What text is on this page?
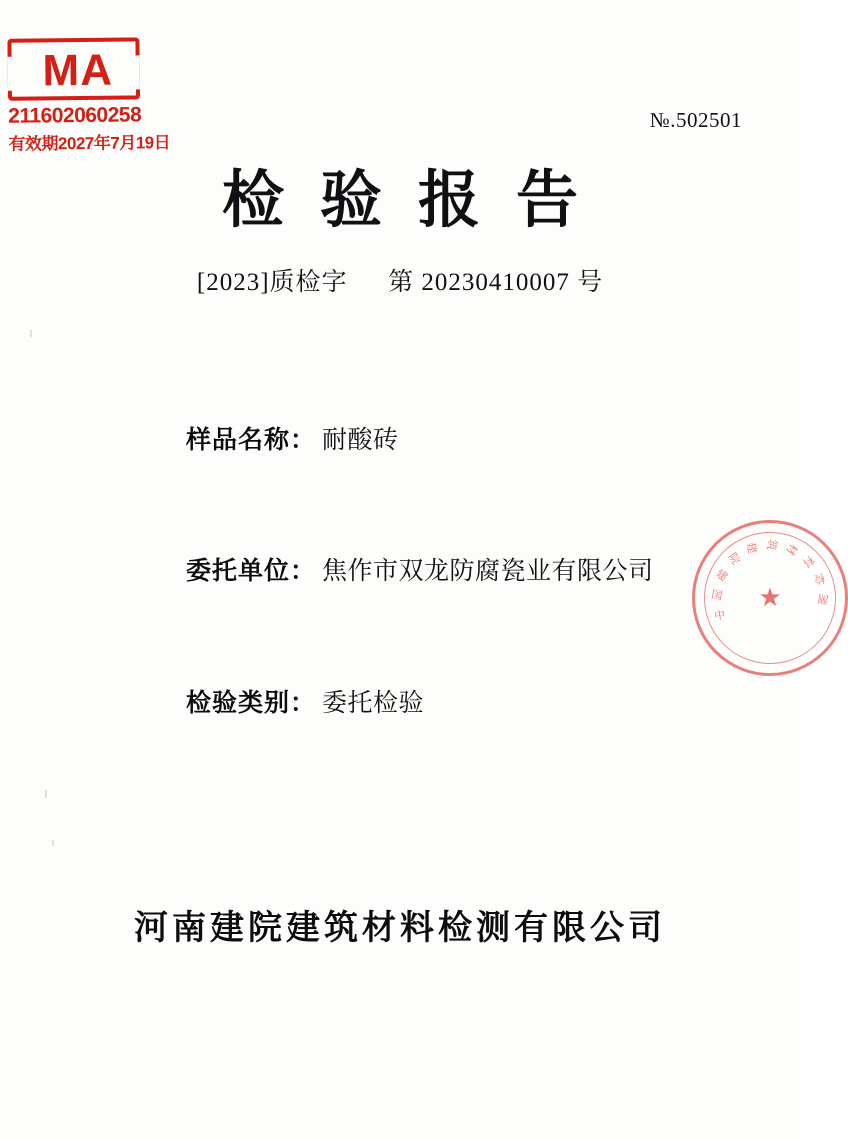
MA
211602060258
有效期2027年7月19日
№.502501
检验报告
[2023]质检字 第 20230410007 号
样品名称： 耐酸砖
委托单位： 焦作市双龙防腐瓷业有限公司
检验类别： 委托检验
河南建院建筑材料检测有限公司
中
国
建
院
建 筑 材
料
检
测
★
